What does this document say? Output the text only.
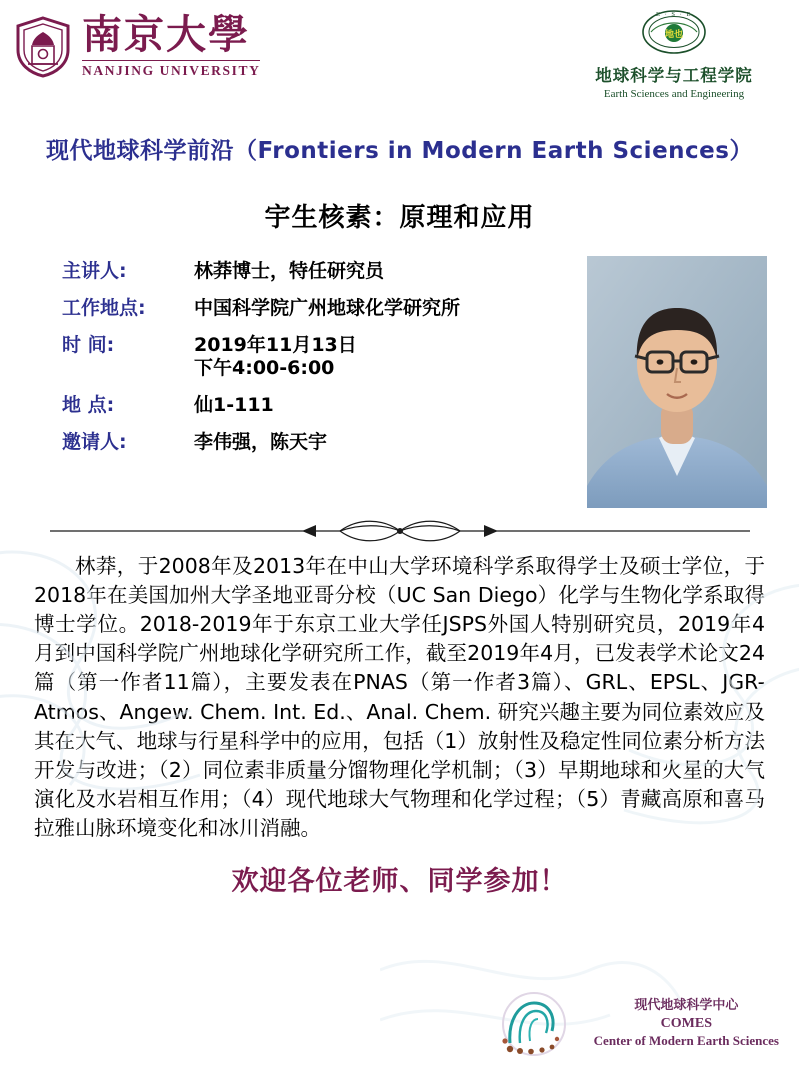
南京大學
NANJING UNIVERSITY
地也
E · S · E
地球科学与工程学院
Earth Sciences and Engineering
现代地球科学前沿（Frontiers in Modern Earth Sciences）
宇生核素：原理和应用
主讲人:	林莽博士，特任研究员
工作地点:	中国科学院广州地球化学研究所
时 间:	2019年11月13日
下午4:00-6:00

地 点:	仙1-111
邀请人:	李伟强，陈天宇
林莽，于2008年及2013年在中山大学环境科学系取得学士及硕士学位，于2018年在美国加州大学圣地亚哥分校（UC San Diego）化学与生物化学系取得博士学位。2018-2019年于东京工业大学任JSPS外国人特别研究员，2019年4月到中国科学院广州地球化学研究所工作，截至2019年4月，已发表学术论文24篇（第一作者11篇），主要发表在PNAS（第一作者3篇）、GRL、EPSL、JGR-Atmos、Angew. Chem. Int. Ed.、Anal. Chem. 研究兴趣主要为同位素效应及其在大气、地球与行星科学中的应用，包括（1）放射性及稳定性同位素分析方法开发与改进；（2）同位素非质量分馏物理化学机制；（3）早期地球和火星的大气演化及水岩相互作用；（4）现代地球大气物理和化学过程；（5）青藏高原和喜马拉雅山脉环境变化和冰川消融。
欢迎各位老师、同学参加！
现代地球科学中心
COMES
Center of Modern Earth Sciences
